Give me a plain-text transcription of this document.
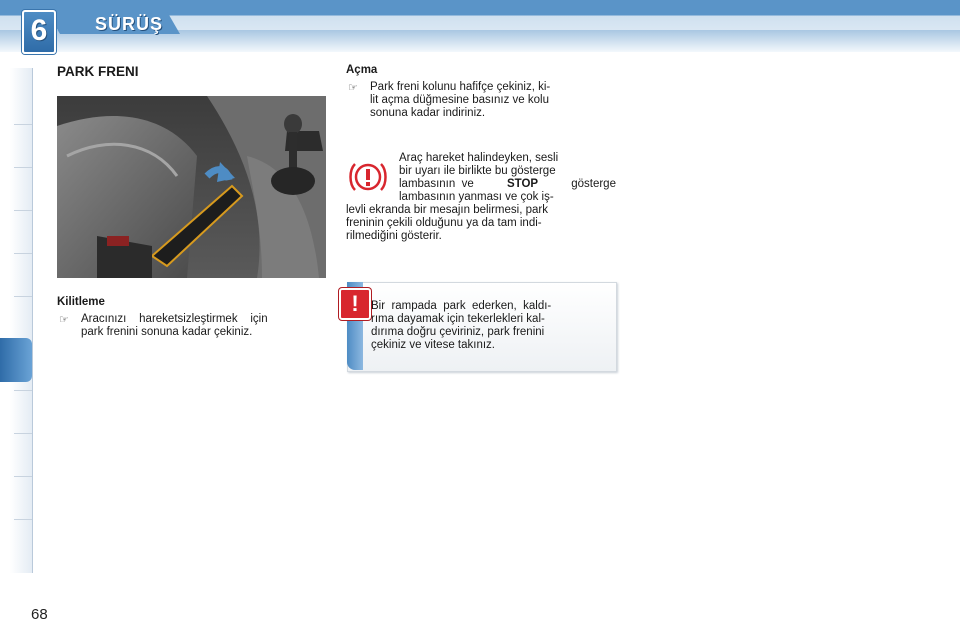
6	SÜRÜŞ
PARK FRENI
Kilitleme
☞ Aracınızı    hareketsizleştirmek    için
park frenini sonuna kadar çekiniz.
Açma
☞ Park freni kolunu hafifçe çekiniz, ki-
lit açma düğmesine basınız ve kolu
sonuna kadar indiriniz.
Araç hareket halindeyken, sesli
bir uyarı ile birlikte bu gösterge
lambasının  ve	STOP	gösterge
lambasının yanması ve çok iş-
levli ekranda bir mesajın belirmesi, park
freninin çekili olduğunu ya da tam indi-
rilmediğini gösterir.
!	Bir  rampada  park  ederken,  kaldı-
rıma dayamak için tekerlekleri kal-
dırıma doğru çeviriniz, park frenini
çekiniz ve vitese takınız.
68
